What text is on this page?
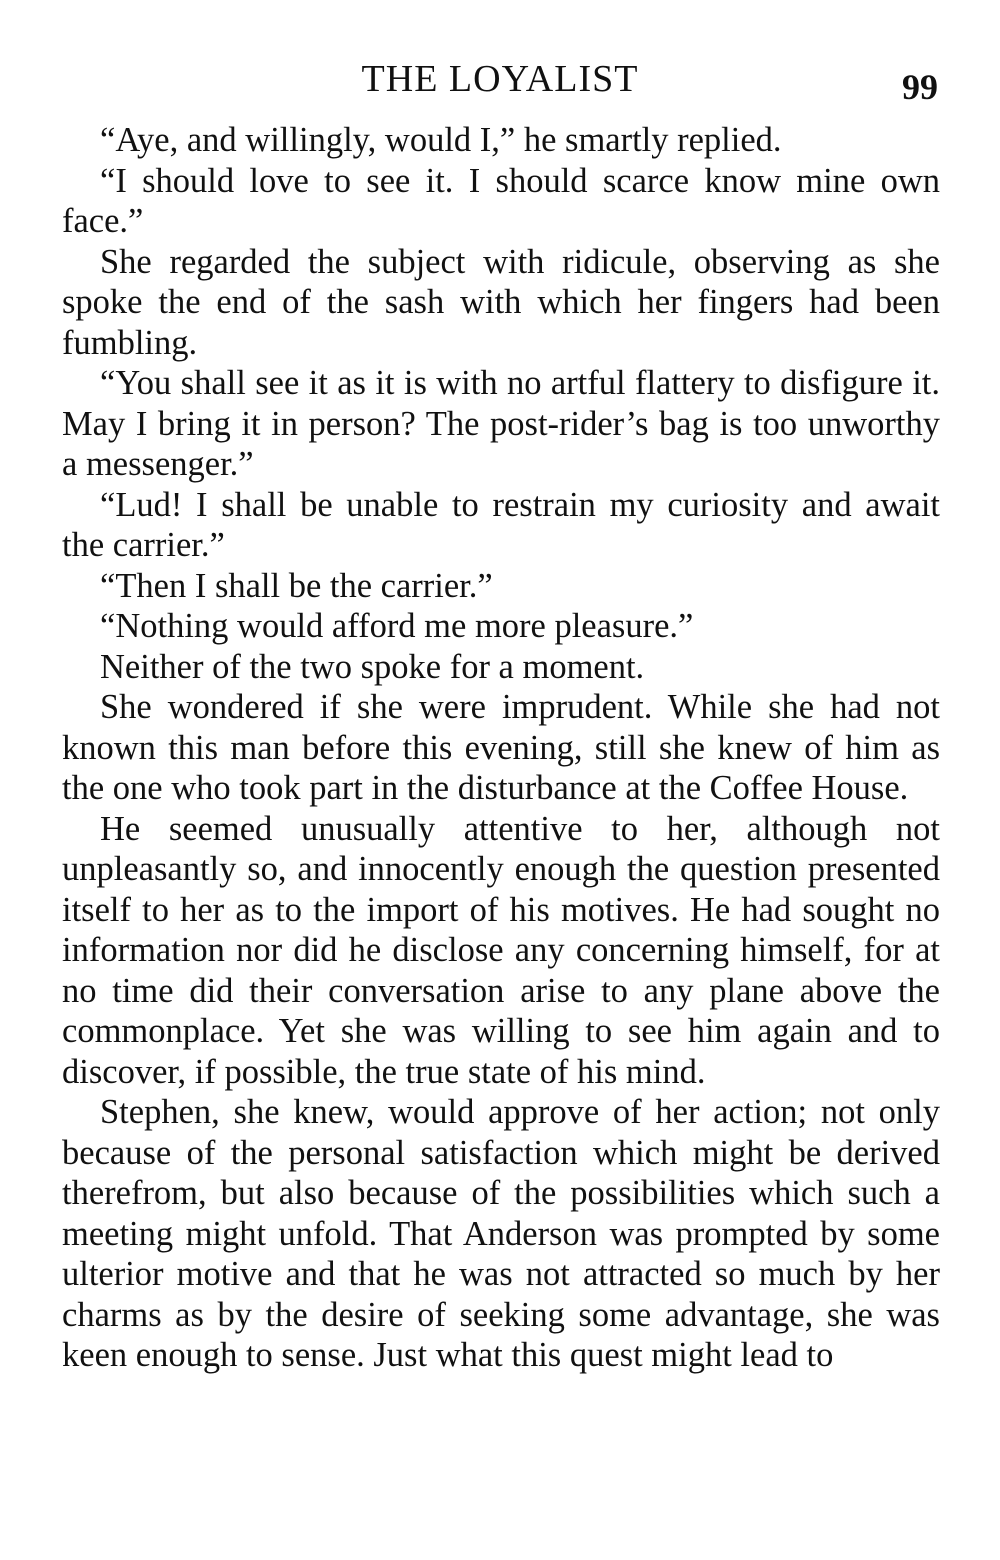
THE LOYALIST	99

“Aye, and willingly, would I,” he smartly replied.

“I should love to see it. I should scarce know mine own face.”

She regarded the subject with ridicule, observing as she spoke the end of the sash with which her fingers had been fumbling.

“You shall see it as it is with no artful flattery to disfigure it. May I bring it in person? The post-rider’s bag is too unworthy a messenger.”

“Lud! I shall be unable to restrain my curiosity and await the carrier.”

“Then I shall be the carrier.”

“Nothing would afford me more pleasure.”

Neither of the two spoke for a moment.

She wondered if she were imprudent. While she had not known this man before this evening, still she knew of him as the one who took part in the disturbance at the Coffee House.

He seemed unusually attentive to her, although not unpleasantly so, and innocently enough the question presented itself to her as to the import of his motives. He had sought no information nor did he disclose any concerning himself, for at no time did their conversation arise to any plane above the commonplace. Yet she was willing to see him again and to discover, if possible, the true state of his mind.

Stephen, she knew, would approve of her action; not only because of the personal satisfaction which might be derived therefrom, but also because of the possibilities which such a meeting might unfold. That Anderson was prompted by some ulterior motive and that he was not attracted so much by her charms as by the desire of seeking some advantage, she was keen enough to sense. Just what this quest might lead to
